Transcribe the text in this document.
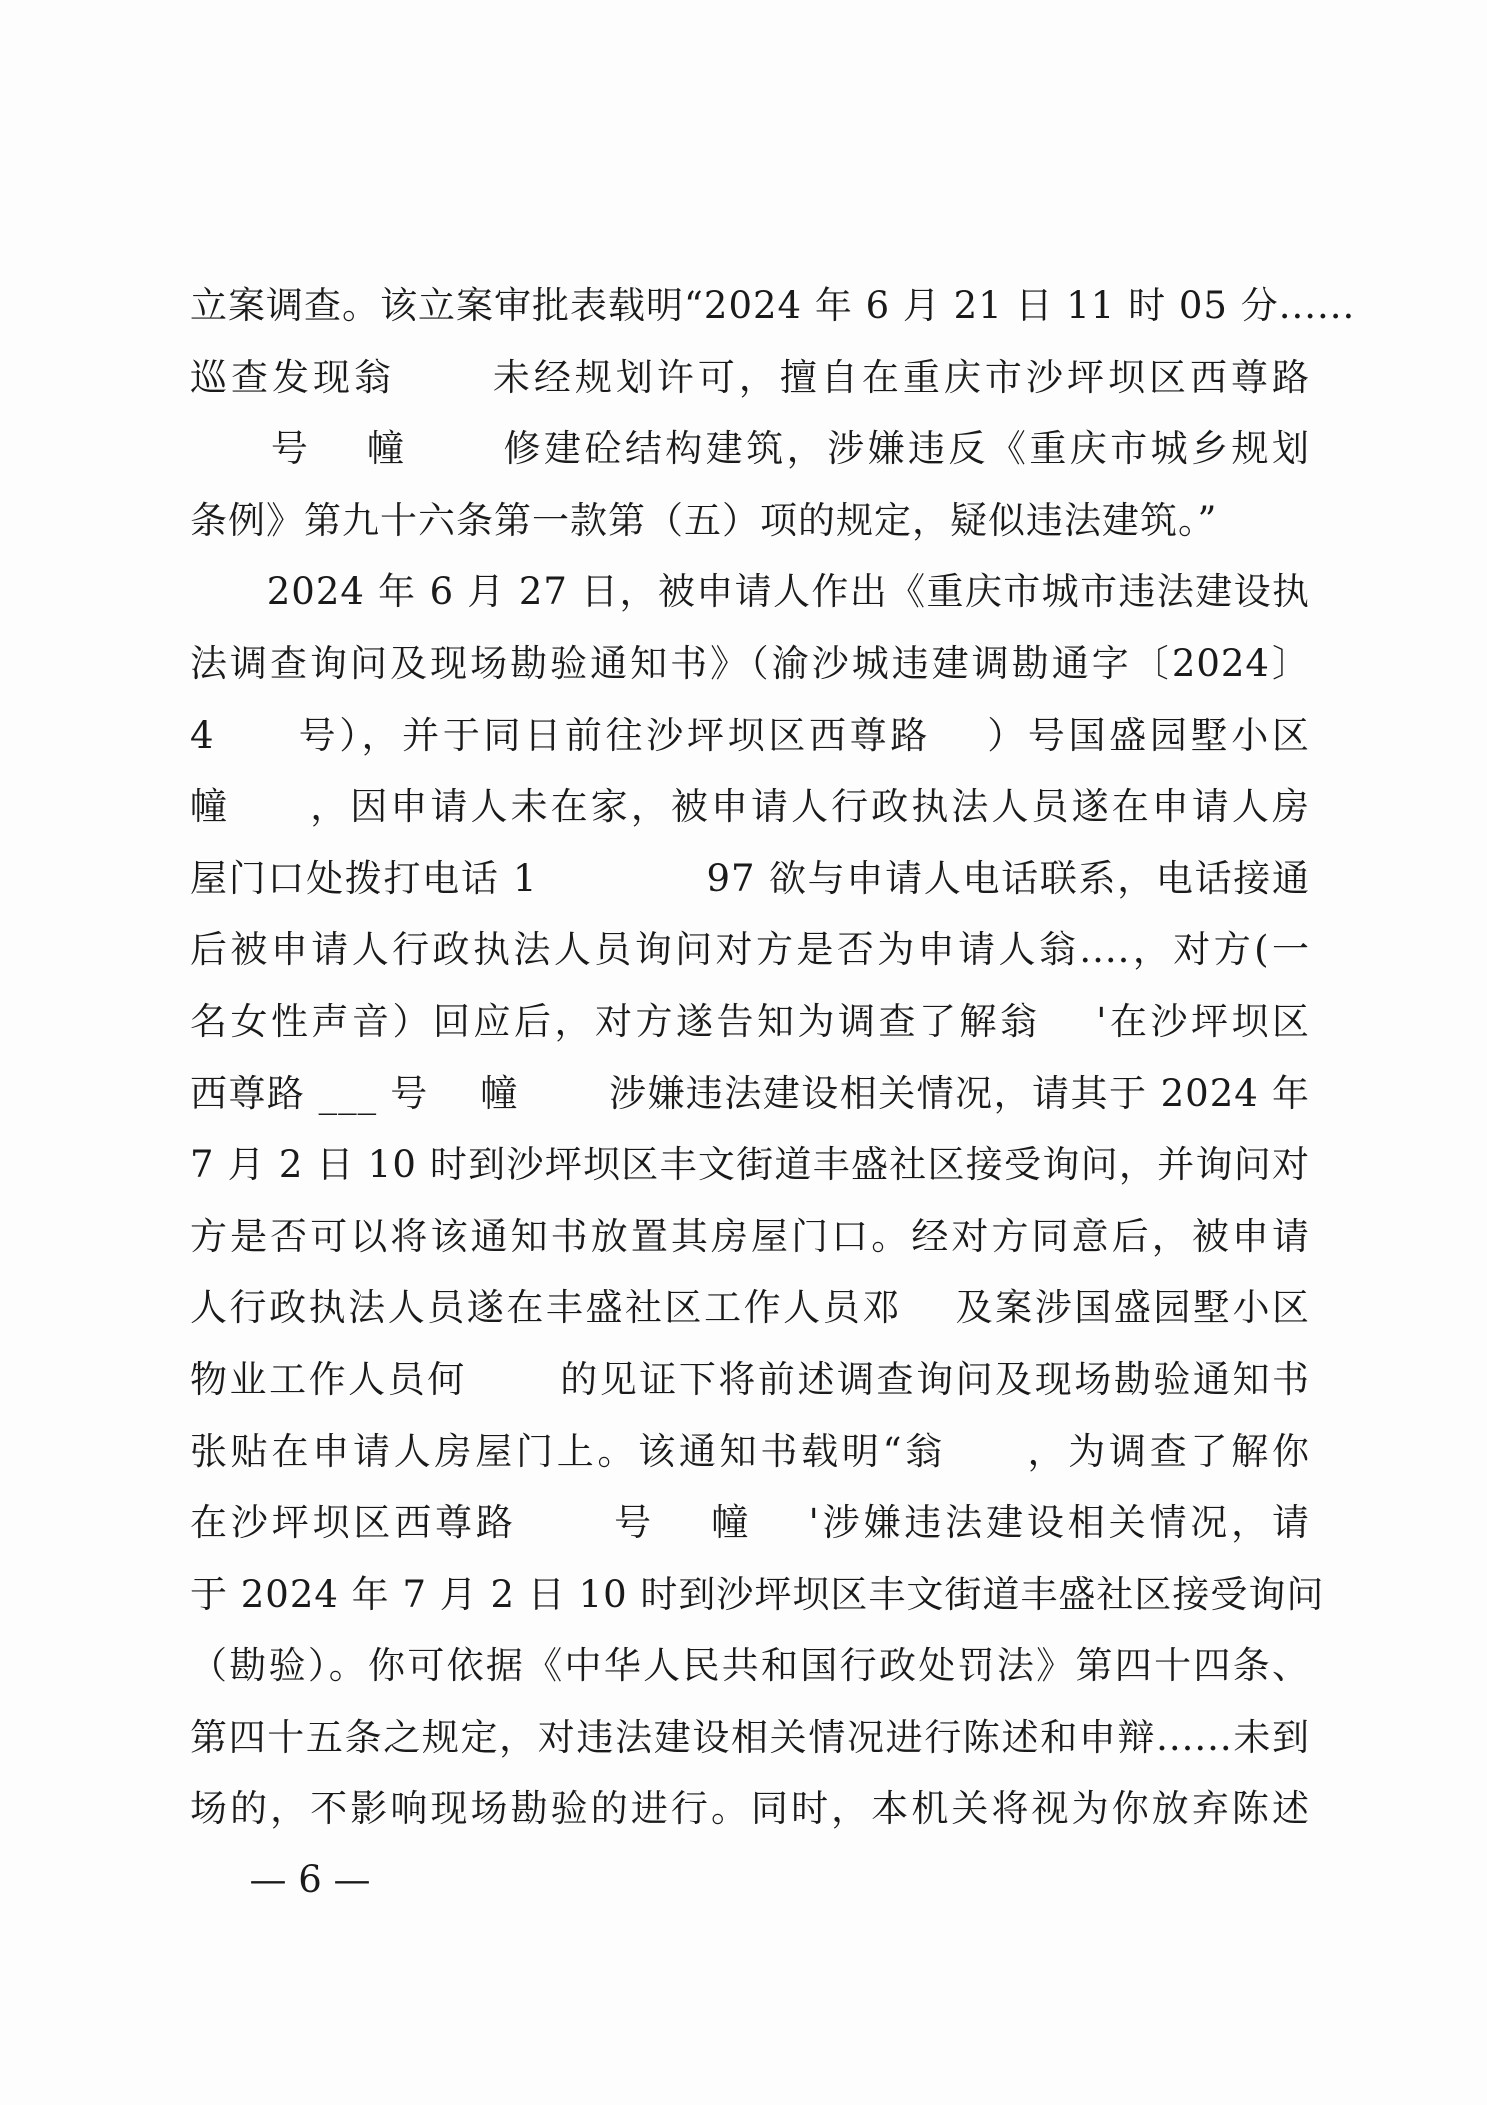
立案调查。该立案审批表载明“2024 年 6 月 21 日 11 时 05 分......
巡查发现翁　　 未经规划许可，擅自在重庆市沙坪坝区西尊路
　　号　 幢　　 修建砼结构建筑，涉嫌违反《重庆市城乡规划
条例》第九十六条第一款第（五）项的规定，疑似违法建筑。”
　　2024 年 6 月 27 日，被申请人作出《重庆市城市违法建设执
法调查询问及现场勘验通知书》（渝沙城违建调勘通字〔2024〕
4　　号），并于同日前往沙坪坝区西尊路　 ）号国盛园墅小区
幢　　，因申请人未在家，被申请人行政执法人员遂在申请人房
屋门口处拨打电话 1　　　　 97 欲与申请人电话联系，电话接通
后被申请人行政执法人员询问对方是否为申请人翁....，对方(一
名女性声音）回应后，对方遂告知为调查了解翁　 '在沙坪坝区
西尊路 ___ 号　 幢　　 涉嫌违法建设相关情况，请其于 2024 年
7 月 2 日 10 时到沙坪坝区丰文街道丰盛社区接受询问，并询问对
方是否可以将该通知书放置其房屋门口。经对方同意后，被申请
人行政执法人员遂在丰盛社区工作人员邓　 及案涉国盛园墅小区
物业工作人员何　　 的见证下将前述调查询问及现场勘验通知书
张贴在申请人房屋门上。该通知书载明“翁　　，为调查了解你
在沙坪坝区西尊路　　 号　 幢　 '涉嫌违法建设相关情况，请
于 2024 年 7 月 2 日 10 时到沙坪坝区丰文街道丰盛社区接受询问
（勘验）。你可依据《中华人民共和国行政处罚法》第四十四条、
第四十五条之规定，对违法建设相关情况进行陈述和申辩......未到
场的，不影响现场勘验的进行。同时，本机关将视为你放弃陈述
— 6 —
